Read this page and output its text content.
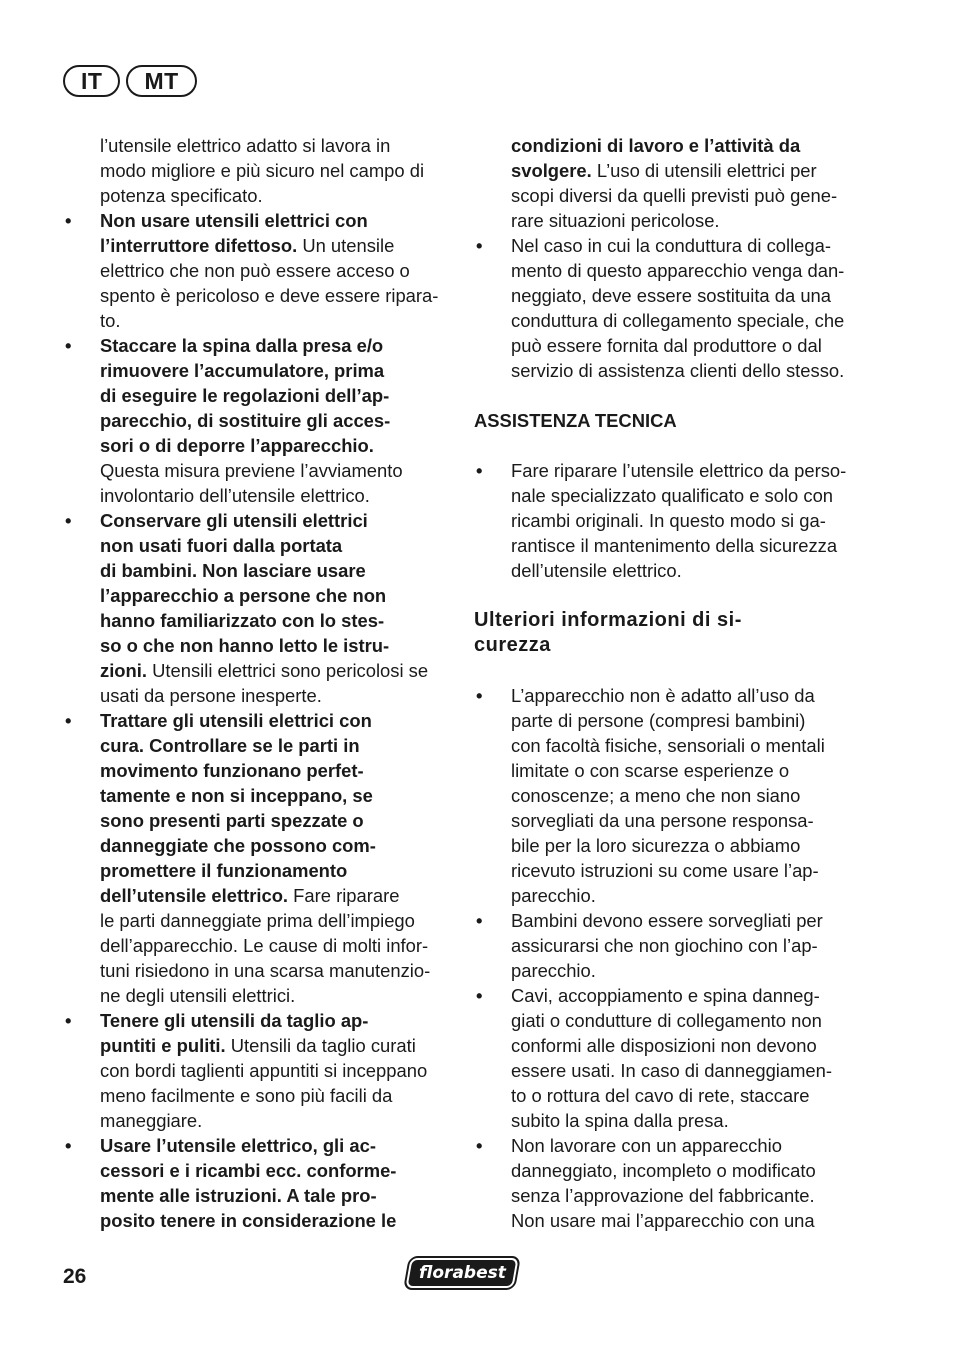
IT	MT
l’utensile elettrico adatto si lavora in
modo migliore e più sicuro nel campo di
potenza specificato.
• Non usare utensili elettrici con
l’interruttore difettoso. Un utensile
elettrico che non può essere acceso o
spento è pericoloso e deve essere ripara-
to.
• Staccare la spina dalla presa e/o
rimuovere l’accumulatore, prima
di eseguire le regolazioni dell’ap-
parecchio, di sostituire gli acces-
sori o di deporre l’apparecchio.
Questa misura previene l’avviamento
involontario dell’utensile elettrico.
• Conservare gli utensili elettrici
non usati fuori dalla portata
di bambini. Non lasciare usare
l’apparecchio a persone che non
hanno familiarizzato con lo stes-
so o che non hanno letto le istru-
zioni. Utensili elettrici sono pericolosi se
usati da persone inesperte.
• Trattare gli utensili elettrici con
cura. Controllare se le parti in
movimento funzionano perfet-
tamente e non si inceppano, se
sono presenti parti spezzate o
danneggiate che possono com-
promettere il funzionamento
dell’utensile elettrico. Fare riparare
le parti danneggiate prima dell’impiego
dell’apparecchio. Le cause di molti infor-
tuni risiedono in una scarsa manutenzio-
ne degli utensili elettrici.
• Tenere gli utensili da taglio ap-
puntiti e puliti. Utensili da taglio curati
con bordi taglienti appuntiti si inceppano
meno facilmente e sono più facili da
maneggiare.
• Usare l’utensile elettrico, gli ac-
cessori e i ricambi ecc. conforme-
mente alle istruzioni. A tale pro-
posito tenere in considerazione le
condizioni di lavoro e l’attività da
svolgere. L’uso di utensili elettrici per
scopi diversi da quelli previsti può gene-
rare situazioni pericolose.
• Nel caso in cui la conduttura di collega-
mento di questo apparecchio venga dan-
neggiato, deve essere sostituita da una
conduttura di collegamento speciale, che
può essere fornita dal produttore o dal
servizio di assistenza clienti dello stesso.
ASSISTENZA TECNICA
• Fare riparare l’utensile elettrico da perso-
nale specializzato qualificato e solo con
ricambi originali. In questo modo si ga-
rantisce il mantenimento della sicurezza
dell’utensile elettrico.
Ulteriori informazioni di si-
curezza
• L’apparecchio non è adatto all’uso da
parte di persone (compresi bambini)
con facoltà fisiche, sensoriali o mentali
limitate o con scarse esperienze o
conoscenze; a meno che non siano
sorvegliati da una persone responsa-
bile per la loro sicurezza o abbiamo
ricevuto istruzioni su come usare l’ap-
parecchio.
• Bambini devono essere sorvegliati per
assicurarsi che non giochino con l’ap-
parecchio.
• Cavi, accoppiamento e spina danneg-
giati o condutture di collegamento non
conformi alle disposizioni non devono
essere usati. In caso di danneggiamen-
to o rottura del cavo di rete, staccare
subito la spina dalla presa.
• Non lavorare con un apparecchio
danneggiato, incompleto o modificato
senza l’approvazione del fabbricante.
Non usare mai l’apparecchio con una
26	florabest
